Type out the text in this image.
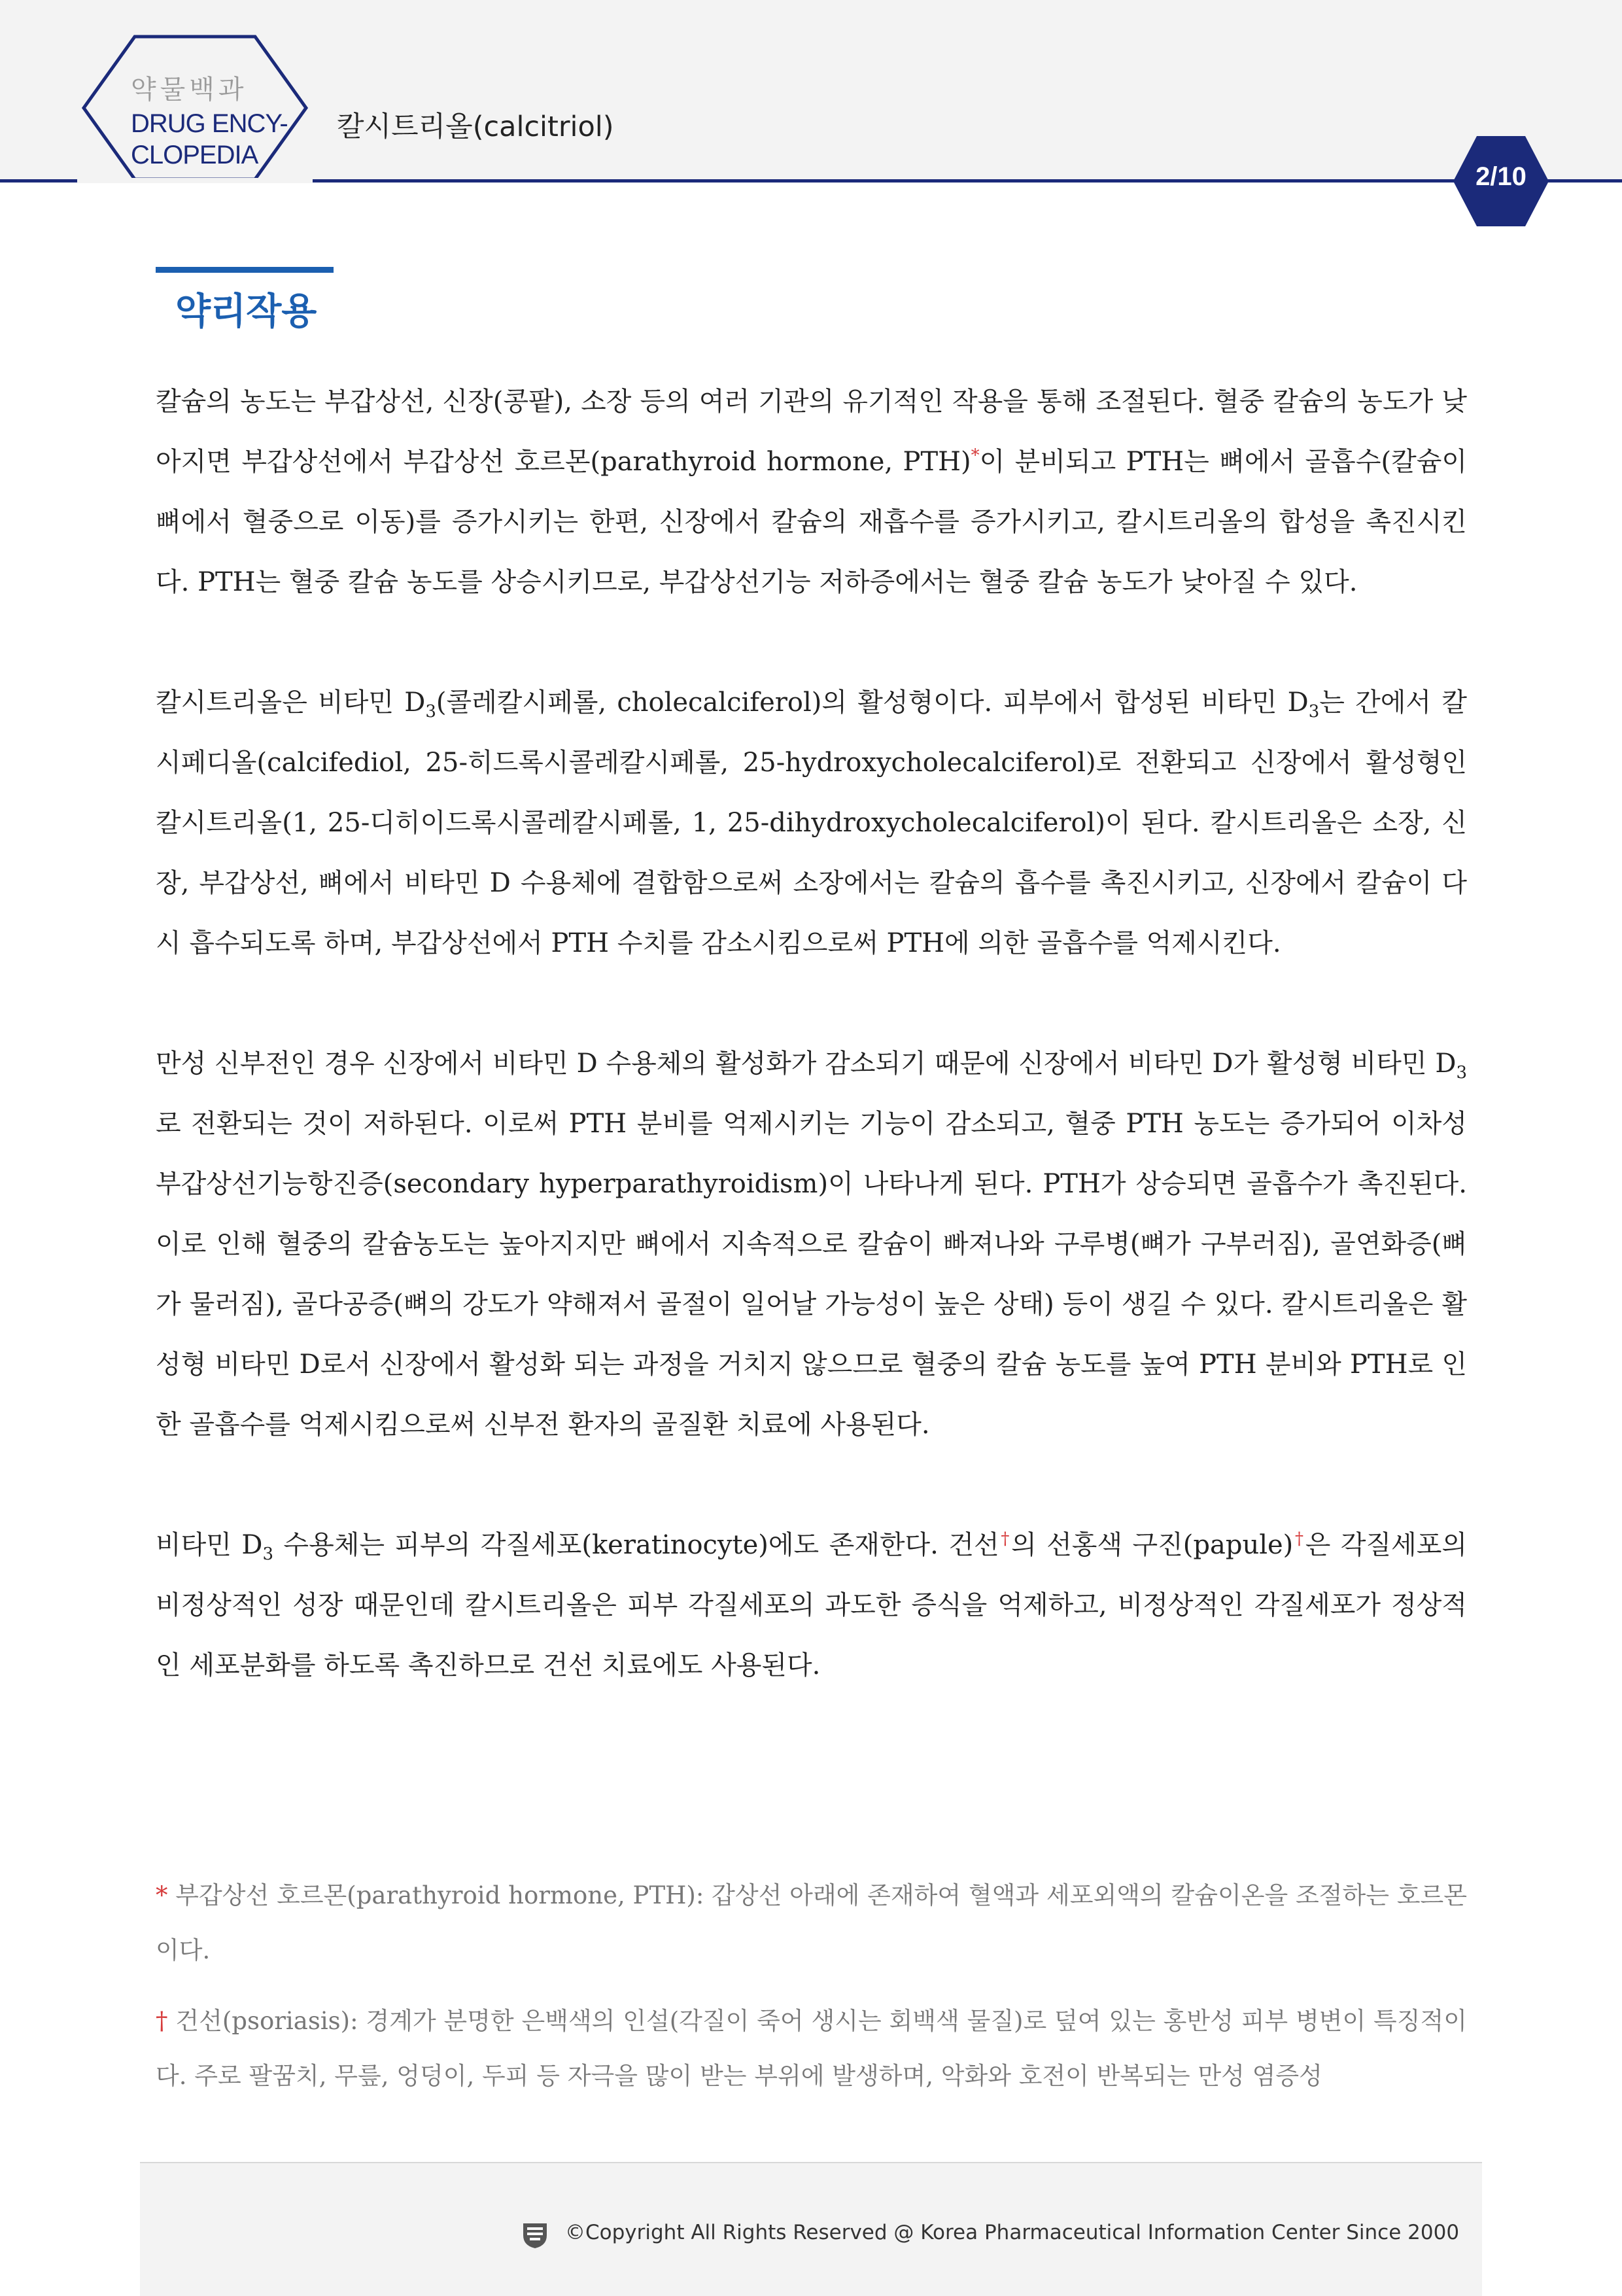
약물백과
DRUG ENCY-
CLOPEDIA
칼시트리올(calcitriol)
2/10
약리작용

칼슘의 농도는 부갑상선, 신장(콩팥), 소장 등의 여러 기관의 유기적인 작용을 통해 조절된다. 혈중 칼슘의 농도가 낮아지면 부갑상선에서 부갑상선 호르몬(parathyroid hormone, PTH)*이 분비되고 PTH는 뼈에서 골흡수(칼슘이 뼈에서 혈중으로 이동)를 증가시키는 한편, 신장에서 칼슘의 재흡수를 증가시키고, 칼시트리올의 합성을 촉진시킨다. PTH는 혈중 칼슘 농도를 상승시키므로, 부갑상선기능 저하증에서는 혈중 칼슘 농도가 낮아질 수 있다.

칼시트리올은 비타민 $D_3$(콜레칼시페롤, cholecalciferol)의 활성형이다. 피부에서 합성된 비타민 $D_3$는 간에서 칼시페디올(calcifediol, 25-히드록시콜레칼시페롤, 25-hydroxycholecalciferol)로 전환되고 신장에서 활성형인 칼시트리올(1, 25-디히이드록시콜레칼시페롤, 1, 25-dihydroxycholecalciferol)이 된다. 칼시트리올은 소장, 신장, 부갑상선, 뼈에서 비타민 D 수용체에 결합함으로써 소장에서는 칼슘의 흡수를 촉진시키고, 신장에서 칼슘이 다시 흡수되도록 하며, 부갑상선에서 PTH 수치를 감소시킴으로써 PTH에 의한 골흡수를 억제시킨다.

만성 신부전인 경우 신장에서 비타민 D 수용체의 활성화가 감소되기 때문에 신장에서 비타민 D가 활성형 비타민 $D_3$로 전환되는 것이 저하된다. 이로써 PTH 분비를 억제시키는 기능이 감소되고, 혈중 PTH 농도는 증가되어 이차성 부갑상선기능항진증(secondary hyperparathyroidism)이 나타나게 된다. PTH가 상승되면 골흡수가 촉진된다. 이로 인해 혈중의 칼슘농도는 높아지지만 뼈에서 지속적으로 칼슘이 빠져나와 구루병(뼈가 구부러짐), 골연화증(뼈가 물러짐), 골다공증(뼈의 강도가 약해져서 골절이 일어날 가능성이 높은 상태) 등이 생길 수 있다. 칼시트리올은 활성형 비타민 D로서 신장에서 활성화 되는 과정을 거치지 않으므로 혈중의 칼슘 농도를 높여 PTH 분비와 PTH로 인한 골흡수를 억제시킴으로써 신부전 환자의 골질환 치료에 사용된다.

비타민 $D_3$ 수용체는 피부의 각질세포(keratinocyte)에도 존재한다. 건선†의 선홍색 구진(papule)†은 각질세포의 비정상적인 성장 때문인데 칼시트리올은 피부 각질세포의 과도한 증식을 억제하고, 비정상적인 각질세포가 정상적인 세포분화를 하도록 촉진하므로 건선 치료에도 사용된다.

* 부갑상선 호르몬(parathyroid hormone, PTH): 갑상선 아래에 존재하여 혈액과 세포외액의 칼슘이온을 조절하는 호르몬이다.

† 건선(psoriasis): 경계가 분명한 은백색의 인설(각질이 죽어 생시는 회백색 물질)로 덮여 있는 홍반성 피부 병변이 특징적이다. 주로 팔꿈치, 무릎, 엉덩이, 두피 등 자극을 많이 받는 부위에 발생하며, 악화와 호전이 반복되는 만성 염증성

©Copyright All Rights Reserved @ Korea Pharmaceutical Information Center Since 2000
